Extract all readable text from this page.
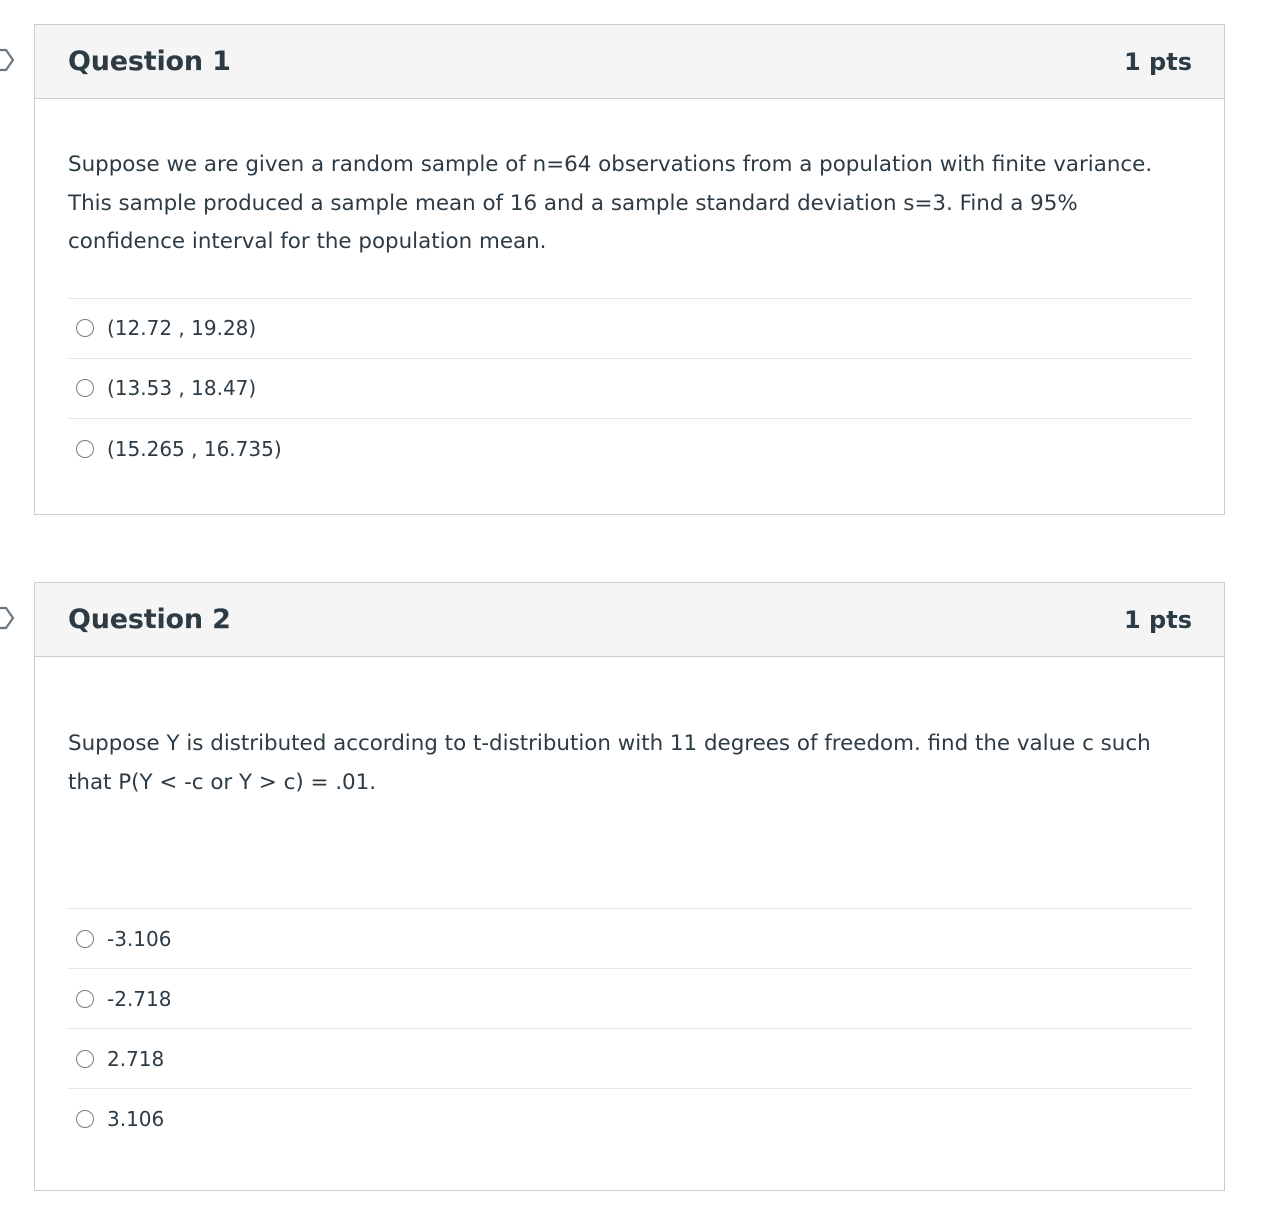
Question 1	1 pts

Suppose we are given a random sample of n=64 observations from a population with finite variance. This sample produced a sample mean of 16 and a sample standard deviation s=3. Find a 95% confidence interval for the population mean.

(12.72 , 19.28)
(13.53 , 18.47)
(15.265 , 16.735)
Question 2	1 pts

Suppose Y is distributed according to t-distribution with 11 degrees of freedom. find the value c such that P(Y < -c or Y > c) = .01.

-3.106
-2.718
2.718
3.106
